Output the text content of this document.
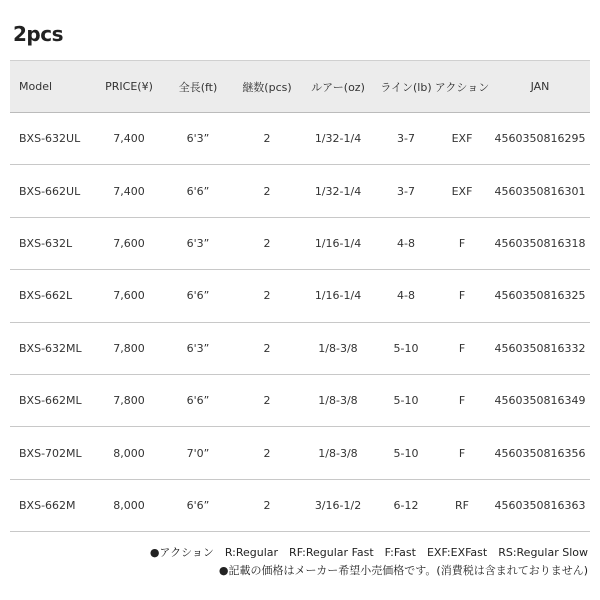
2pcs
Model	PRICE(¥)	全長(ft)	継数(pcs)	ルアー(oz)	ライン(lb)	アクション	JAN
BXS-632UL	7,400	6'3”	2	1/32-1/4	3-7	EXF	4560350816295
BXS-662UL	7,400	6'6”	2	1/32-1/4	3-7	EXF	4560350816301
BXS-632L	7,600	6'3”	2	1/16-1/4	4-8	F	4560350816318
BXS-662L	7,600	6'6”	2	1/16-1/4	4-8	F	4560350816325
BXS-632ML	7,800	6'3”	2	1/8-3/8	5-10	F	4560350816332
BXS-662ML	7,800	6'6”	2	1/8-3/8	5-10	F	4560350816349
BXS-702ML	8,000	7'0”	2	1/8-3/8	5-10	F	4560350816356
BXS-662M	8,000	6'6”	2	3/16-1/2	6-12	RF	4560350816363
●アクション　R:Regular　RF:Regular Fast　F:Fast　EXF:EXFast　RS:Regular Slow
●記載の価格はメーカー希望小売価格です。(消費税は含まれておりません)
